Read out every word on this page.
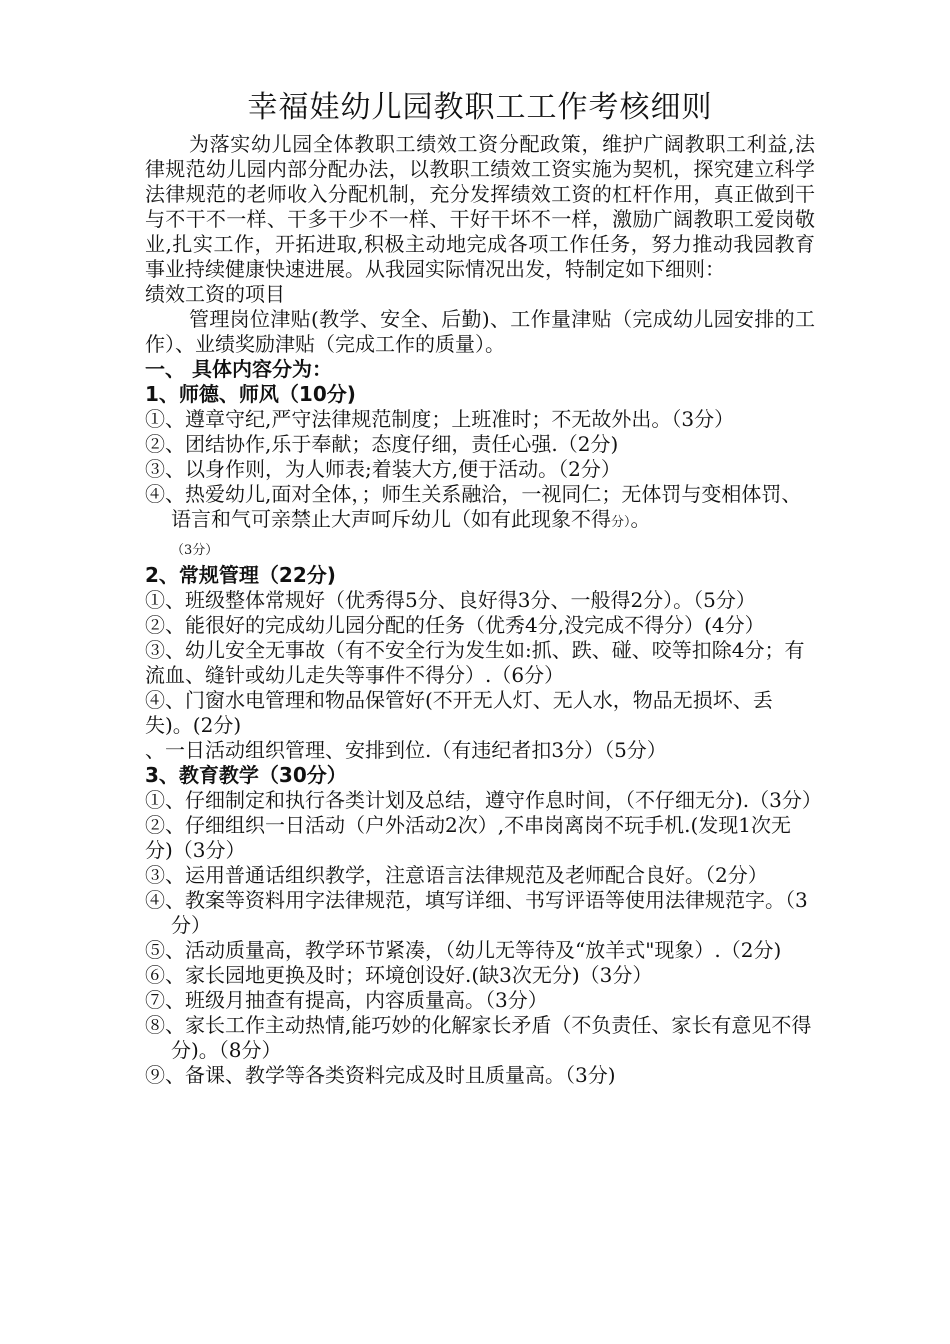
幸福娃幼儿园教职工工作考核细则

为落实幼儿园全体教职工绩效工资分配政策，维护广阔教职工利益,法律规范幼儿园内部分配办法，以教职工绩效工资实施为契机，探究建立科学法律规范的老师收入分配机制，充分发挥绩效工资的杠杆作用，真正做到干与不干不一样、干多干少不一样、干好干坏不一样，激励广阔教职工爱岗敬业,扎实工作，开拓进取,积极主动地完成各项工作任务，努力推动我园教育事业持续健康快速进展。从我园实际情况出发，特制定如下细则：

绩效工资的项目

管理岗位津贴(教学、安全、后勤)、工作量津贴（完成幼儿园安排的工作）、业绩奖励津贴（完成工作的质量）。

一、 具体内容分为：

1、师德、师风（10分)

①、遵章守纪,严守法律规范制度；上班准时；不无故外出。（3分）

②、团结协作,乐于奉献；态度仔细，责任心强.（2分)

③、以身作则，为人师表;着装大方,便于活动。（2分）

④、热爱幼儿,面对全体，；师生关系融洽，一视同仁；无体罚与变相体罚、语言和气可亲禁止大声呵斥幼儿（如有此现象不得分）。
（3分）

2、常规管理（22分)

①、班级整体常规好（优秀得5分、良好得3分、一般得2分）。（5分）

②、能很好的完成幼儿园分配的任务（优秀4分,没完成不得分）(4分）

③、幼儿安全无事故（有不安全行为发生如:抓、跌、碰、咬等扣除4分；有流血、缝针或幼儿走失等事件不得分）.（6分）

④、门窗水电管理和物品保管好(不开无人灯、无人水，物品无损坏、丢失)。(2分)

、一日活动组织管理、安排到位.（有违纪者扣3分）（5分）

3、教育教学（30分）

①、仔细制定和执行各类计划及总结，遵守作息时间，（不仔细无分).（3分）

②、仔细组织一日活动（户外活动2次）,不串岗离岗不玩手机.(发现1次无分)（3分）

③、运用普通话组织教学，注意语言法律规范及老师配合良好。（2分）

④、教案等资料用字法律规范，填写详细、书写评语等使用法律规范字。（3分）

⑤、活动质量高，教学环节紧凑，（幼儿无等待及“放羊式"现象）.（2分)

⑥、家长园地更换及时；环境创设好.(缺3次无分)（3分）

⑦、班级月抽查有提高，内容质量高。（3分）

⑧、家长工作主动热情,能巧妙的化解家长矛盾（不负责任、家长有意见不得分)。（8分）

⑨、备课、教学等各类资料完成及时且质量高。（3分)
